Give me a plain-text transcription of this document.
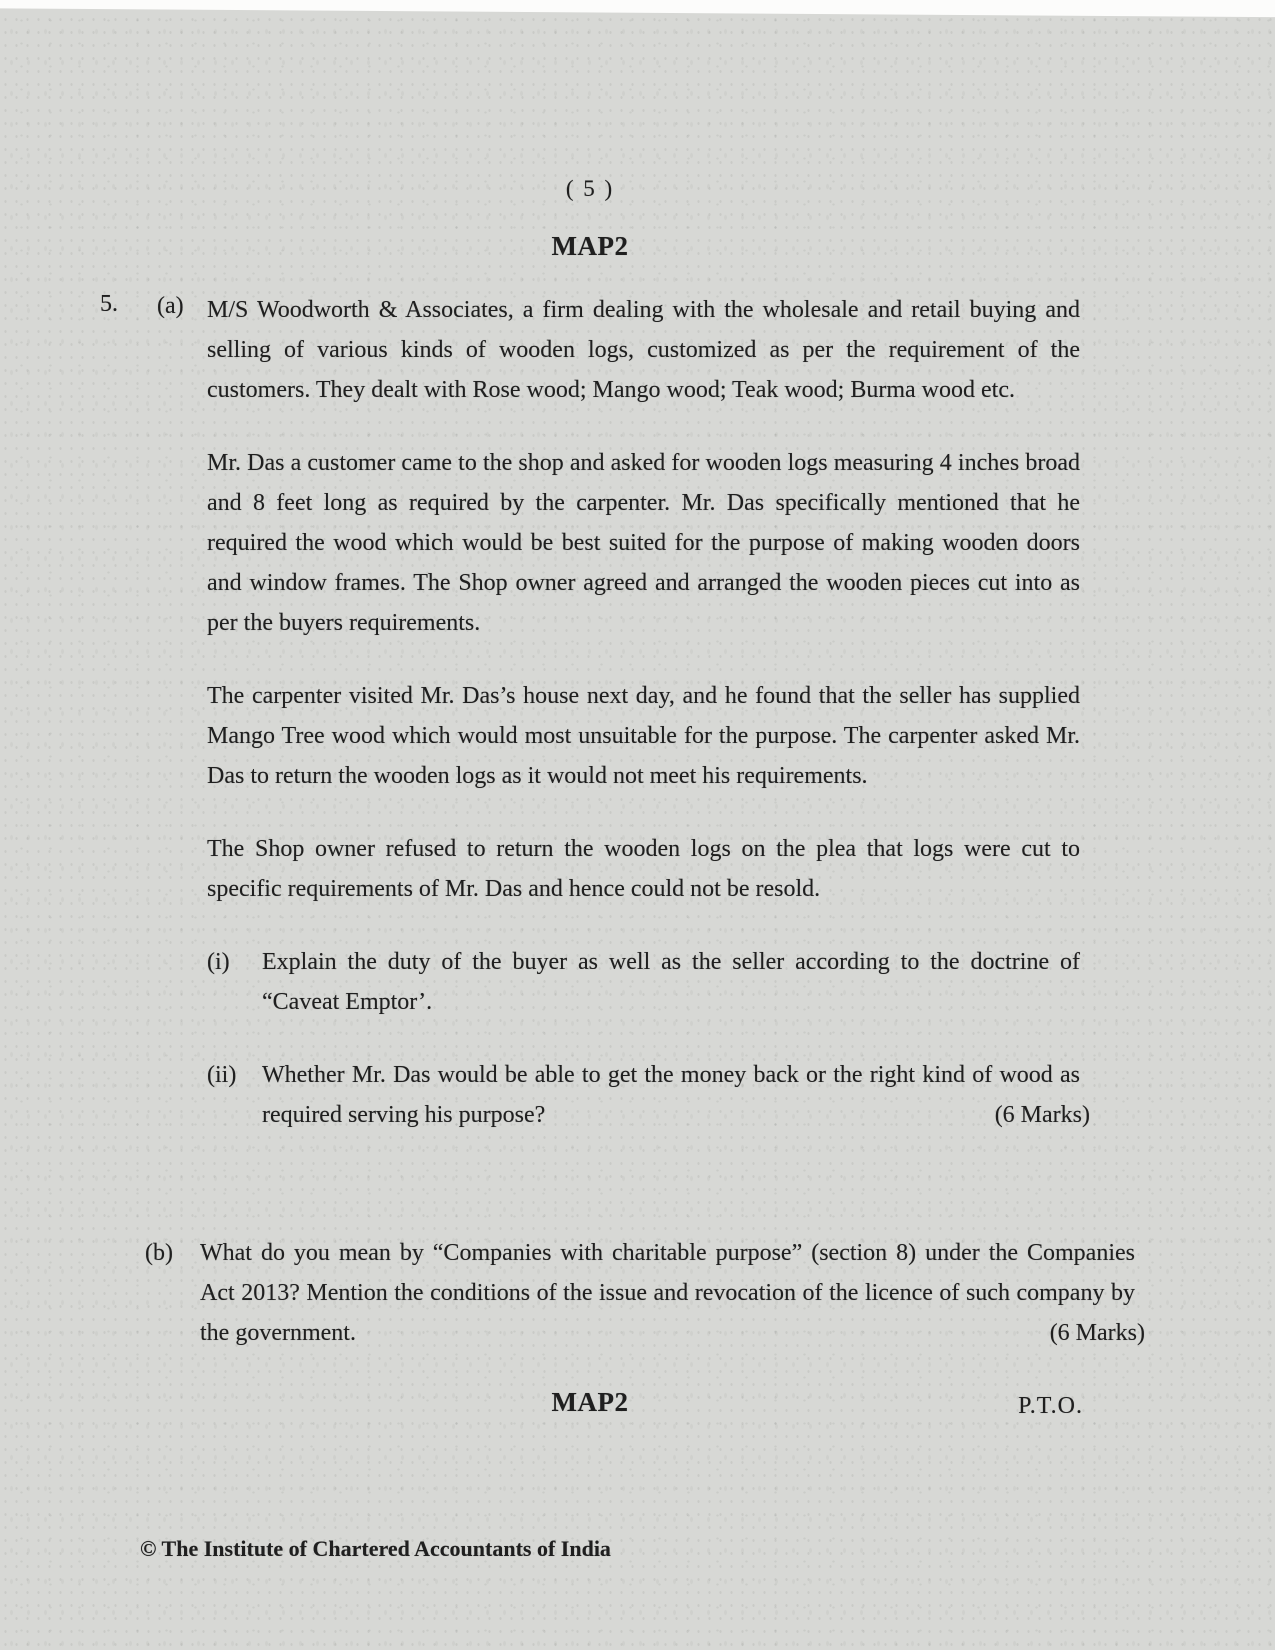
( 5 )
MAP2
5. (a) M/S Woodworth & Associates, a firm dealing with the wholesale and retail buying and selling of various kinds of wooden logs, customized as per the requirement of the customers. They dealt with Rose wood; Mango wood; Teak wood; Burma wood etc.

Mr. Das a customer came to the shop and asked for wooden logs measuring 4 inches broad and 8 feet long as required by the carpenter. Mr. Das specifically mentioned that he required the wood which would be best suited for the purpose of making wooden doors and window frames. The Shop owner agreed and arranged the wooden pieces cut into as per the buyers requirements.

The carpenter visited Mr. Das’s house next day, and he found that the seller has supplied Mango Tree wood which would most unsuitable for the purpose. The carpenter asked Mr. Das to return the wooden logs as it would not meet his requirements.

The Shop owner refused to return the wooden logs on the plea that logs were cut to specific requirements of Mr. Das and hence could not be resold.

(i) Explain the duty of the buyer as well as the seller according to the doctrine of “Caveat Emptor’.
(ii) Whether Mr. Das would be able to get the money back or the right kind of wood as required serving his purpose?	(6 Marks)
(b) What do you mean by “Companies with charitable purpose” (section 8) under the Companies Act 2013? Mention the conditions of the issue and revocation of the licence of such company by the government.	(6 Marks)
MAP2	P.T.O.
© The Institute of Chartered Accountants of India
